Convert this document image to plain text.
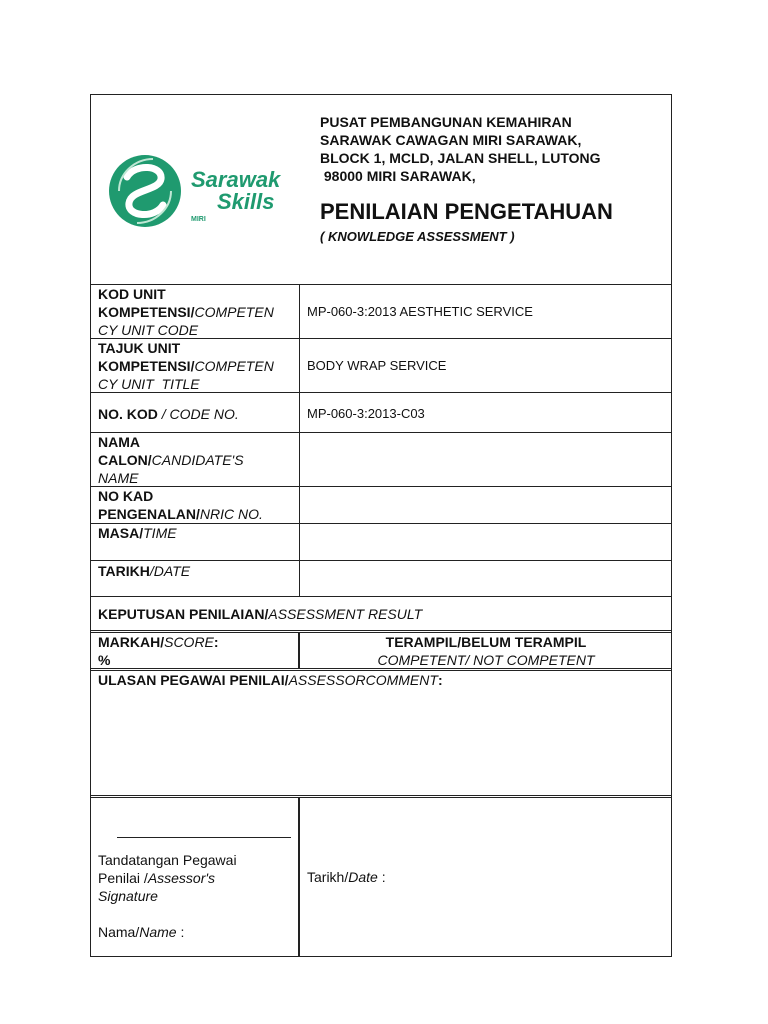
Sarawak
Skills
MIRI
PUSAT PEMBANGUNAN KEMAHIRAN
SARAWAK CAWAGAN MIRI SARAWAK,
BLOCK 1, MCLD, JALAN SHELL, LUTONG
98000 MIRI SARAWAK,
PENILAIAN PENGETAHUAN
( KNOWLEDGE ASSESSMENT )
KOD UNIT
KOMPETENSI/COMPETEN
CY UNIT CODE
MP-060-3:2013 AESTHETIC SERVICE
TAJUK UNIT
KOMPETENSI/COMPETEN
CY UNIT  TITLE
BODY WRAP SERVICE
NO. KOD / CODE NO.	MP-060-3:2013-C03
NAMA
CALON/CANDIDATE'S
NAME
NO KAD
PENGENALAN/NRIC NO.
MASA/TIME
TARIKH/DATE
KEPUTUSAN PENILAIAN/ASSESSMENT RESULT
MARKAH/SCORE:
%
TERAMPIL/BELUM TERAMPIL
COMPETENT/ NOT COMPETENT
ULASAN PEGAWAI PENILAI/ASSESSORCOMMENT:
Tandatangan Pegawai
Penilai /Assessor's
Signature
Nama/Name :
Tarikh/Date :
